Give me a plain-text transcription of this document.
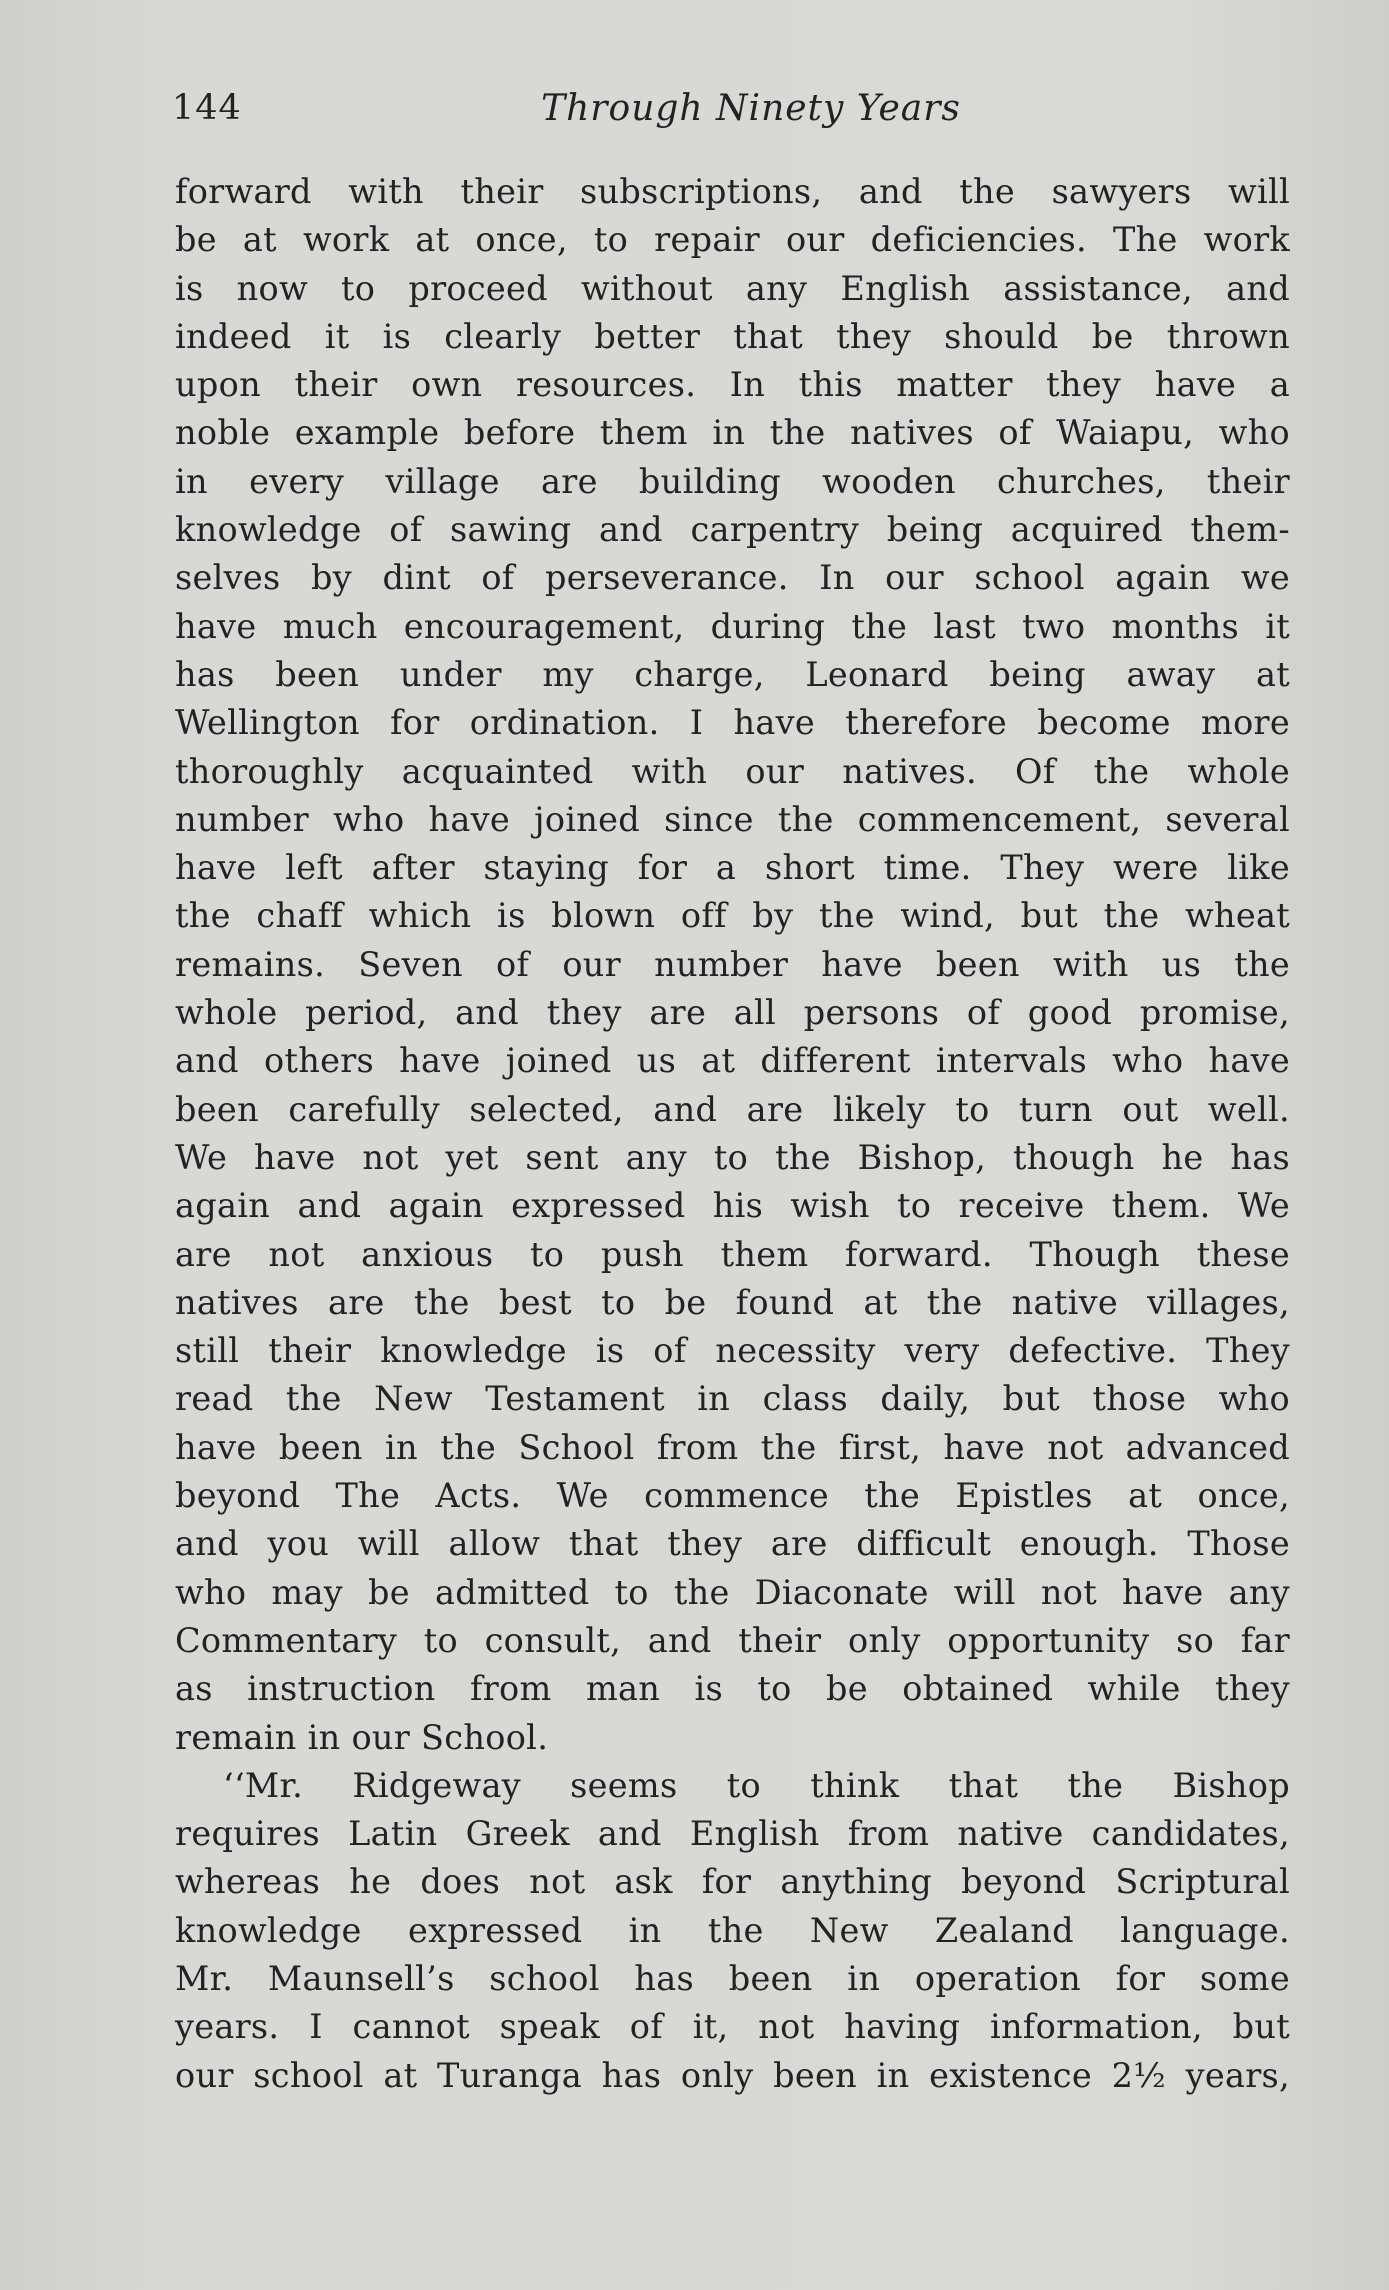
144	Through Ninety Years
forward with their subscriptions, and the sawyers will
be at work at once, to repair our deficiencies. The work
is now to proceed without any English assistance, and
indeed it is clearly better that they should be thrown
upon their own resources. In this matter they have a
noble example before them in the natives of Waiapu, who
in every village are building wooden churches, their
knowledge of sawing and carpentry being acquired them-
selves by dint of perseverance. In our school again we
have much encouragement, during the last two months it
has been under my charge, Leonard being away at
Wellington for ordination. I have therefore become more
thoroughly acquainted with our natives. Of the whole
number who have joined since the commencement, several
have left after staying for a short time. They were like
the chaff which is blown off by the wind, but the wheat
remains. Seven of our number have been with us the
whole period, and they are all persons of good promise,
and others have joined us at different intervals who have
been carefully selected, and are likely to turn out well.
We have not yet sent any to the Bishop, though he has
again and again expressed his wish to receive them. We
are not anxious to push them forward. Though these
natives are the best to be found at the native villages,
still their knowledge is of necessity very defective. They
read the New Testament in class daily, but those who
have been in the School from the first, have not advanced
beyond The Acts. We commence the Epistles at once,
and you will allow that they are difficult enough. Those
who may be admitted to the Diaconate will not have any
Commentary to consult, and their only opportunity so far
as instruction from man is to be obtained while they
remain in our School.
‘‘Mr. Ridgeway seems to think that the Bishop
requires Latin Greek and English from native candidates,
whereas he does not ask for anything beyond Scriptural
knowledge expressed in the New Zealand language.
Mr. Maunsell’s school has been in operation for some
years. I cannot speak of it, not having information, but
our school at Turanga has only been in existence 2½ years,
